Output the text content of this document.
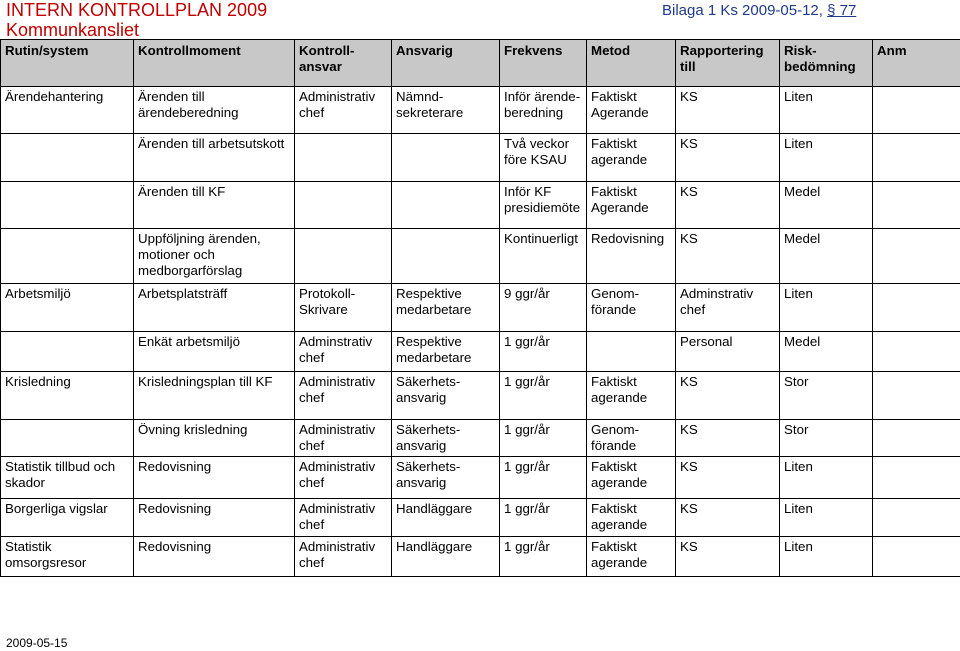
INTERN KONTROLLPLAN 2009
Kommunkansliet
Bilaga 1 Ks 2009-05-12, § 77
Rutin/system	Kontrollmoment	Kontroll-ansvar	Ansvarig	Frekvens	Metod	Rapportering till	Risk-bedömning	Anm
Ärendehantering	Ärenden till ärendeberedning	Administrativ chef	Nämnd-sekreterare	Inför ärende-beredning	Faktiskt Agerande	KS	Liten	
	Ärenden till arbetsutskott			Två veckor före KSAU	Faktiskt agerande	KS	Liten	
	Ärenden till KF			Inför KF presidiemöte	Faktiskt Agerande	KS	Medel	
	Uppföljning ärenden, motioner och medborgarförslag			Kontinuerligt	Redovisning	KS	Medel	
Arbetsmiljö	Arbetsplatsträff	Protokoll-Skrivare	Respektive medarbetare	9 ggr/år	Genom-förande	Adminstrativ chef	Liten	
	Enkät arbetsmiljö	Adminstrativ chef	Respektive medarbetare	1 ggr/år		Personal	Medel	
Krisledning	Krisledningsplan till KF	Administrativ chef	Säkerhets-ansvarig	1 ggr/år	Faktiskt agerande	KS	Stor	
	Övning krisledning	Administrativ chef	Säkerhets-ansvarig	1 ggr/år	Genom-förande	KS	Stor	
Statistik tillbud och skador	Redovisning	Administrativ chef	Säkerhets-ansvarig	1 ggr/år	Faktiskt agerande	KS	Liten	
Borgerliga vigslar	Redovisning	Administrativ chef	Handläggare	1 ggr/år	Faktiskt agerande	KS	Liten	
Statistik omsorgsresor	Redovisning	Administrativ chef	Handläggare	1 ggr/år	Faktiskt agerande	KS	Liten	
2009-05-15
